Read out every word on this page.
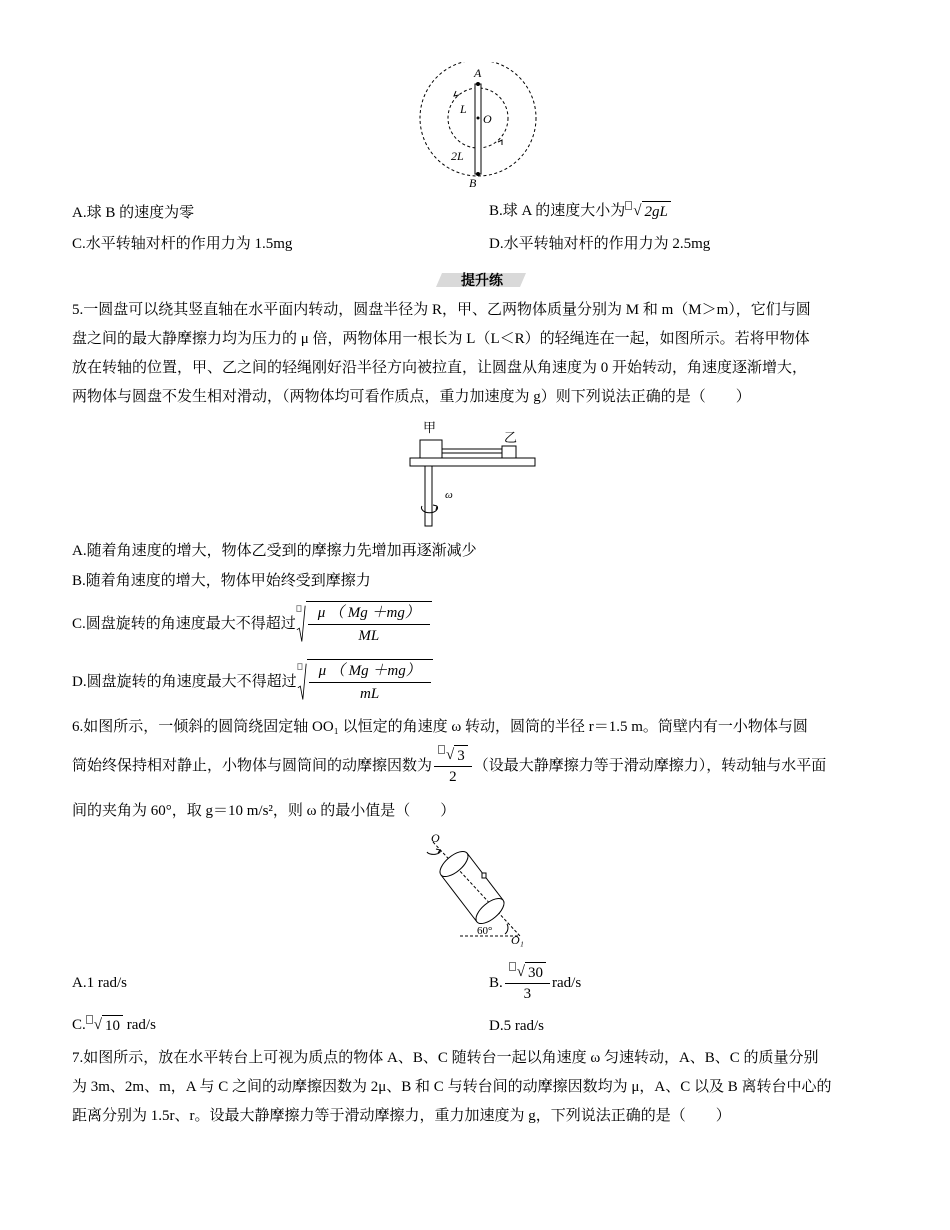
A
L
O
2L
B
A.球 B 的速度为零	B.球 A 的速度大小为 √ 2gL
C.水平转轴对杆的作用力为 1.5mg	D.水平转轴对杆的作用力为 2.5mg
提升练
5.一圆盘可以绕其竖直轴在水平面内转动，圆盘半径为 R，甲、乙两物体质量分别为 M 和 m（M＞m），它们与圆
盘之间的最大静摩擦力均为压力的 μ 倍，两物体用一根长为 L（L＜R）的轻绳连在一起，如图所示。若将甲物体
放在转轴的位置，甲、乙之间的轻绳刚好沿半径方向被拉直，让圆盘从角速度为 0 开始转动，角速度逐渐增大，
两物体与圆盘不发生相对滑动，（两物体均可看作质点，重力加速度为 g）则下列说法正确的是（　　）
甲
乙
ω
A.随着角速度的增大，物体乙受到的摩擦力先增加再逐渐减少
B.随着角速度的增大，物体甲始终受到摩擦力
C.圆盘旋转的角速度最大不得超过 $\frac{\mu ( Mg +mg)}{ML}$
D.圆盘旋转的角速度最大不得超过 $\frac{\mu ( Mg +mg)}{mL}$
6.如图所示，一倾斜的圆筒绕固定轴 OO₁ 以恒定的角速度 ω 转动，圆筒的半径 r＝1.5 m。筒壁内有一小物体与圆
筒始终保持相对静止，小物体与圆筒间的动摩擦因数为 $\frac{√ 3}{2}$ （设最大静摩擦力等于滑动摩擦力），转动轴与水平面
间的夹角为 60°，取 g＝10 m/s²，则 ω 的最小值是（　　）
O
60°
O₁
A.1 rad/s	B. $\frac{√ 30}{3} rad/s$
C. √ 10 rad/s	D.5 rad/s
7.如图所示，放在水平转台上可视为质点的物体 A、B、C 随转台一起以角速度 ω 匀速转动，A、B、C 的质量分别
为 3m、2m、m，A 与 C 之间的动摩擦因数为 2μ、B 和 C 与转台间的动摩擦因数均为 μ，A、C 以及 B 离转台中心的
距离分别为 1.5r、r。设最大静摩擦力等于滑动摩擦力，重力加速度为 g，下列说法正确的是（　　）
